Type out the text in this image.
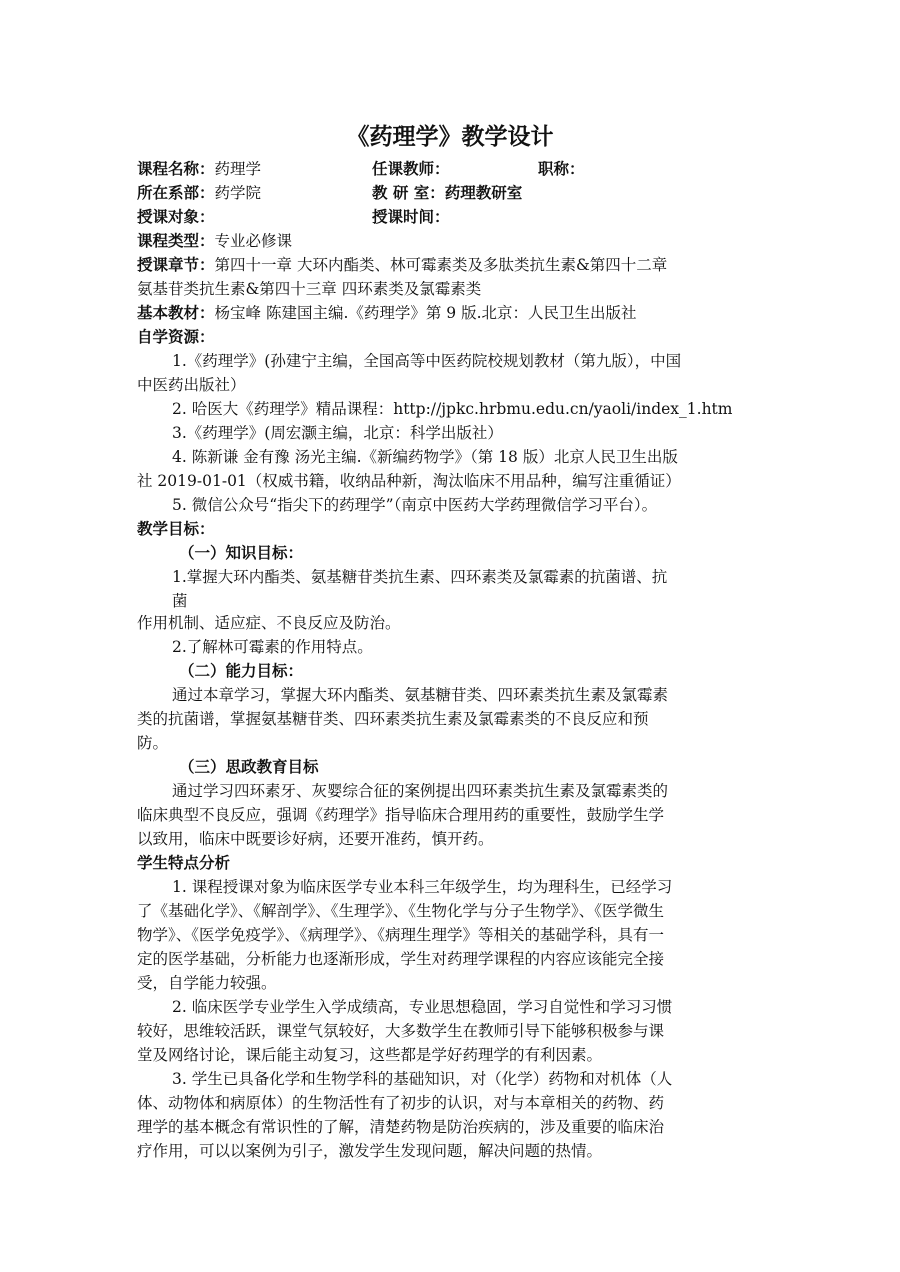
《药理学》教学设计
课程名称：药理学	任课教师：	职称：
所在系部：药学院	教 研 室：药理教研室
授课对象：	授课时间：
课程类型：专业必修课
授课章节：第四十一章 大环内酯类、林可霉素类及多肽类抗生素&第四十二章
氨基苷类抗生素&第四十三章 四环素类及氯霉素类
基本教材：杨宝峰 陈建国主编.《药理学》第 9 版.北京：人民卫生出版社
自学资源：
1.《药理学》(孙建宁主编，全国高等中医药院校规划教材（第九版），中国
中医药出版社）
2. 哈医大《药理学》精品课程：http://jpkc.hrbmu.edu.cn/yaoli/index_1.htm
3.《药理学》(周宏灏主编，北京：科学出版社）
4. 陈新谦 金有豫 汤光主编.《新编药物学》（第 18 版）北京人民卫生出版
社 2019-01-01（权威书籍，收纳品种新，淘汰临床不用品种，编写注重循证）
5. 微信公众号“指尖下的药理学”（南京中医药大学药理微信学习平台）。
教学目标：
（一）知识目标：
1.掌握大环内酯类、氨基糖苷类抗生素、四环素类及氯霉素的抗菌谱、抗
菌
作用机制、适应症、不良反应及防治。
2.了解林可霉素的作用特点。
（二）能力目标：
通过本章学习，掌握大环内酯类、氨基糖苷类、四环素类抗生素及氯霉素
类的抗菌谱，掌握氨基糖苷类、四环素类抗生素及氯霉素类的不良反应和预
防。
（三）思政教育目标
通过学习四环素牙、灰婴综合征的案例提出四环素类抗生素及氯霉素类的
临床典型不良反应，强调《药理学》指导临床合理用药的重要性，鼓励学生学
以致用，临床中既要诊好病，还要开准药，慎开药。
学生特点分析
1. 课程授课对象为临床医学专业本科三年级学生，均为理科生，已经学习
了《基础化学》、《解剖学》、《生理学》、《生物化学与分子生物学》、《医学微生
物学》、《医学免疫学》、《病理学》、《病理生理学》等相关的基础学科，具有一
定的医学基础，分析能力也逐渐形成，学生对药理学课程的内容应该能完全接
受，自学能力较强。
2. 临床医学专业学生入学成绩高，专业思想稳固，学习自觉性和学习习惯
较好，思维较活跃，课堂气氛较好，大多数学生在教师引导下能够积极参与课
堂及网络讨论，课后能主动复习，这些都是学好药理学的有利因素。
3. 学生已具备化学和生物学科的基础知识，对（化学）药物和对机体（人
体、动物体和病原体）的生物活性有了初步的认识，对与本章相关的药物、药
理学的基本概念有常识性的了解，清楚药物是防治疾病的，涉及重要的临床治
疗作用，可以以案例为引子，激发学生发现问题，解决问题的热情。
